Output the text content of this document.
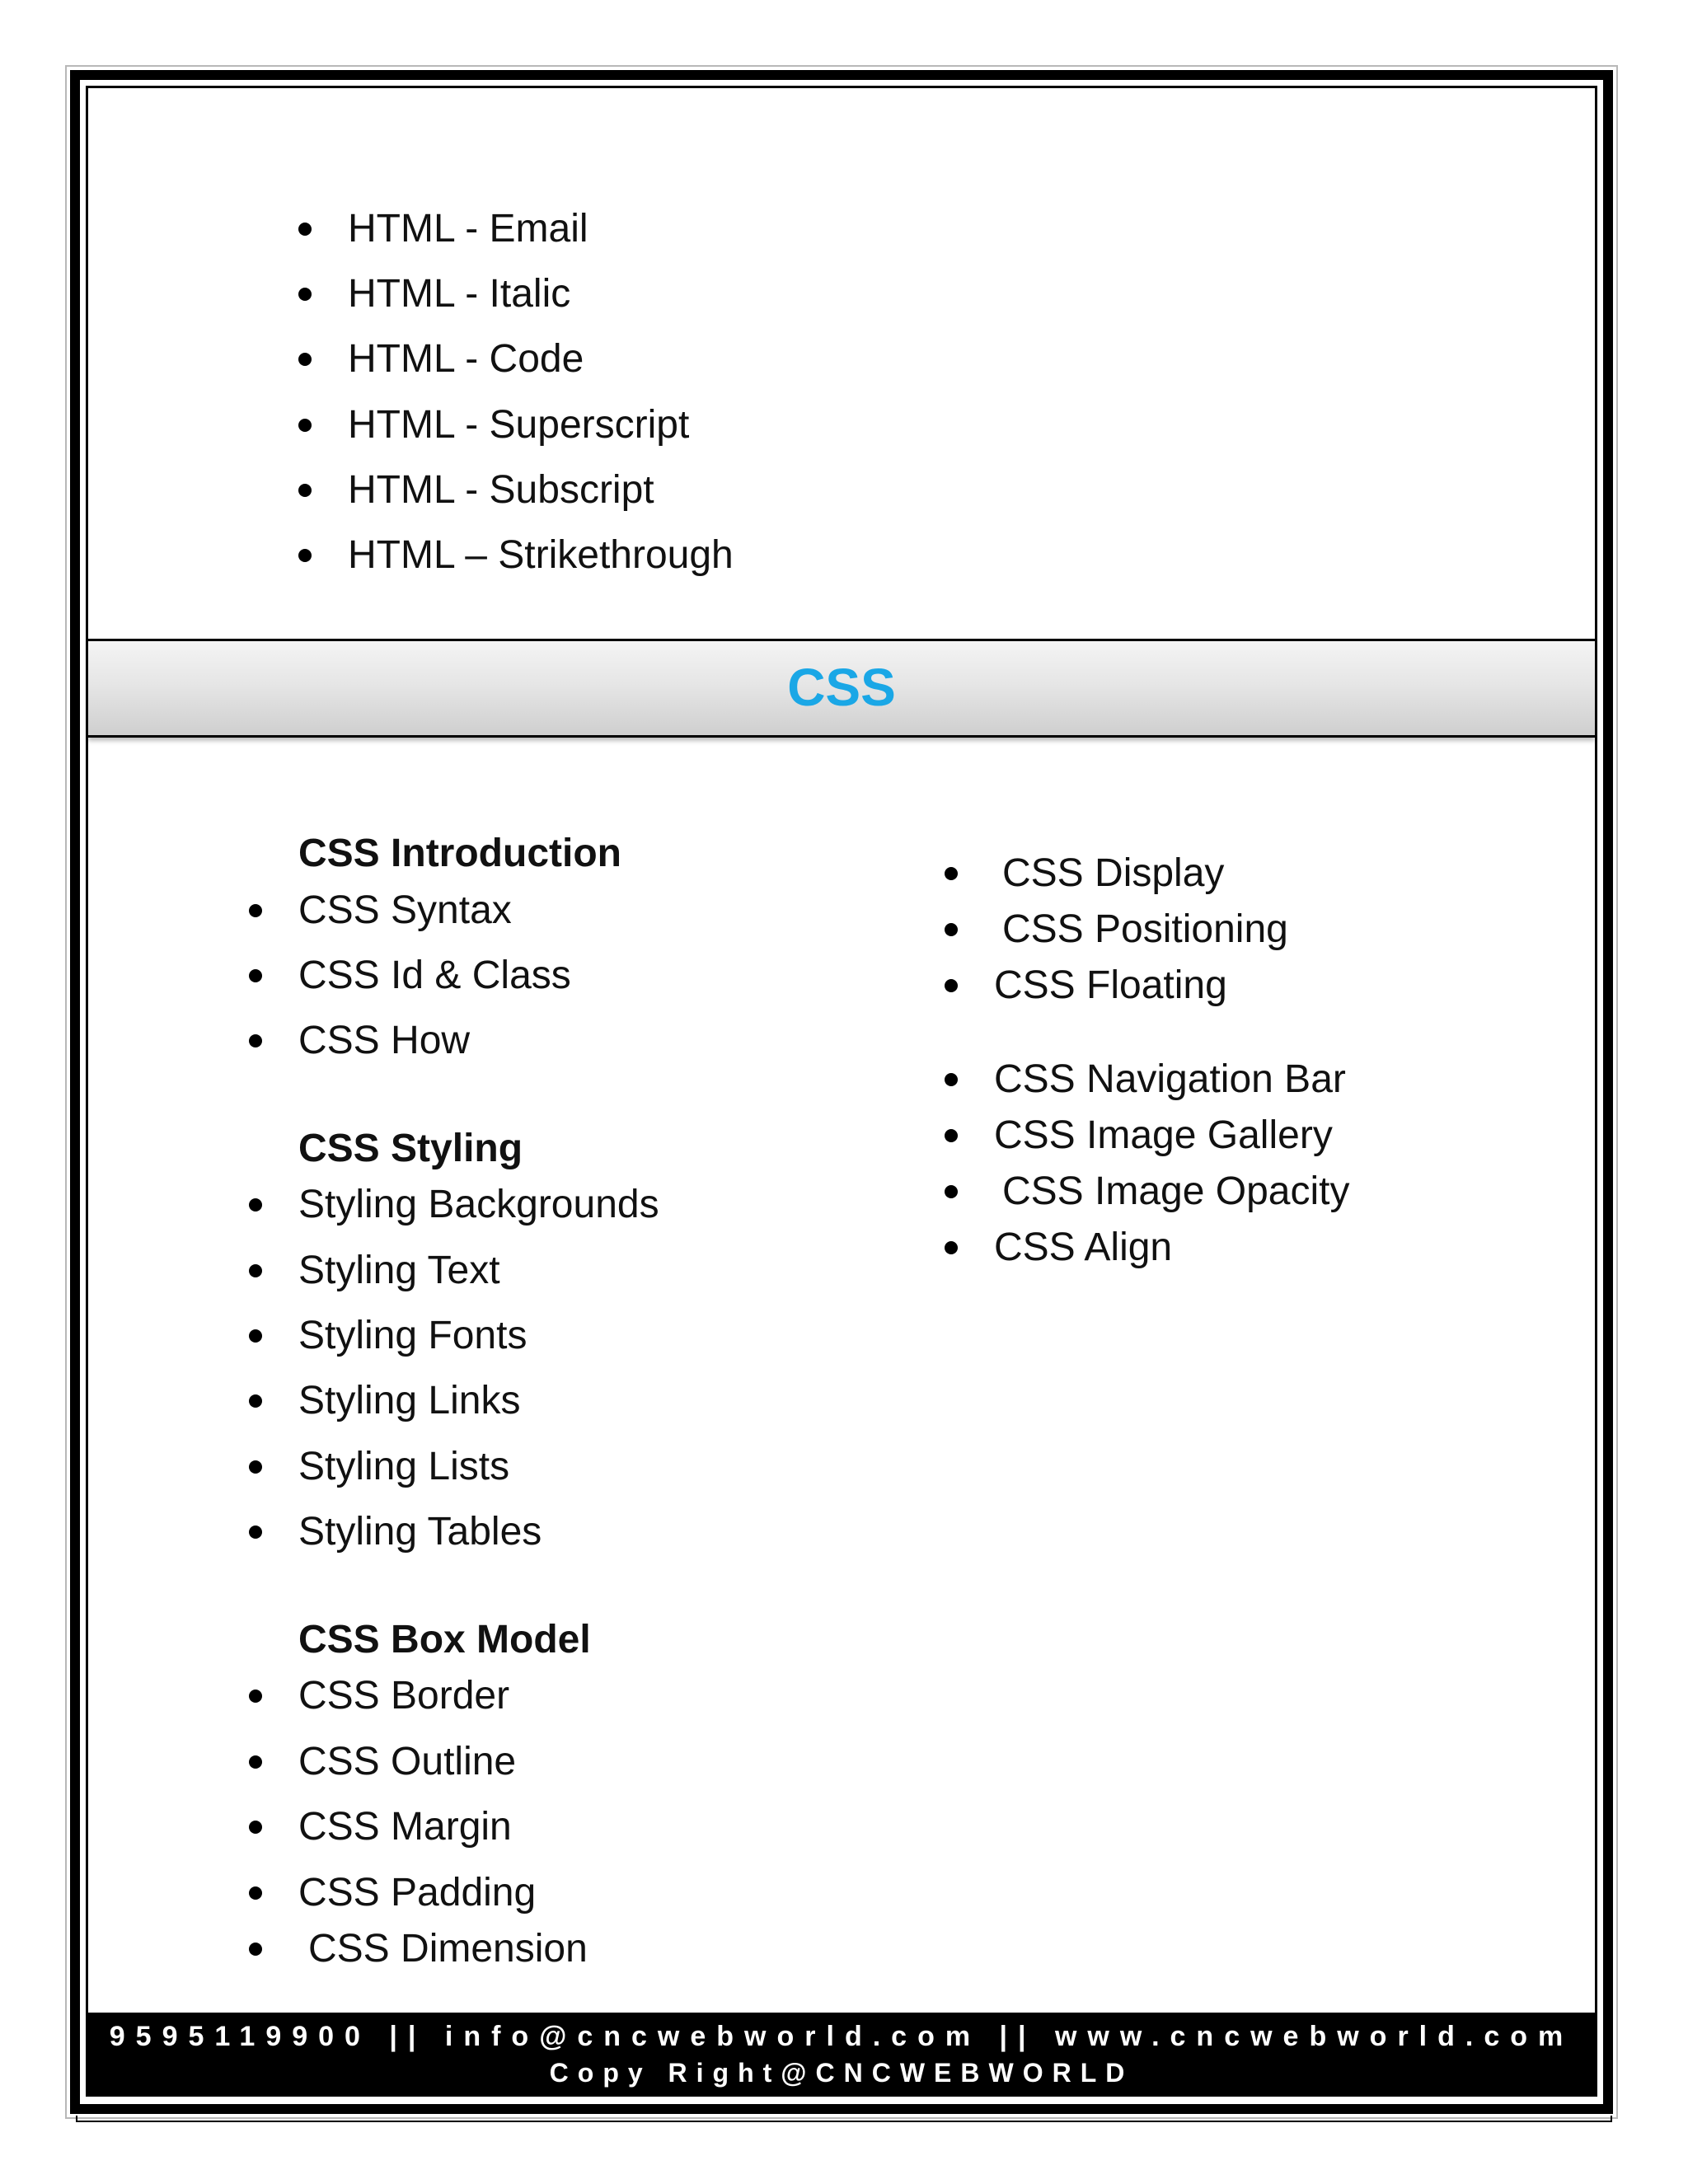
HTML - Email
HTML - Italic
HTML - Code
HTML - Superscript
HTML - Subscript
HTML – Strikethrough
CSS
CSS Introduction
CSS Syntax
CSS Id & Class
CSS How
CSS Styling
Styling Backgrounds
Styling Text
Styling Fonts
Styling Links
Styling Lists
Styling Tables
CSS Box Model
CSS Border
CSS Outline
CSS Margin
CSS Padding
CSS Dimension
CSS Display
CSS Positioning
CSS Floating
CSS Navigation Bar
CSS Image Gallery
CSS Image Opacity
CSS Align
9595119900 || info@cncwebworld.com || www.cncwebworld.com
Copy Right@CNCWEBWORLD
